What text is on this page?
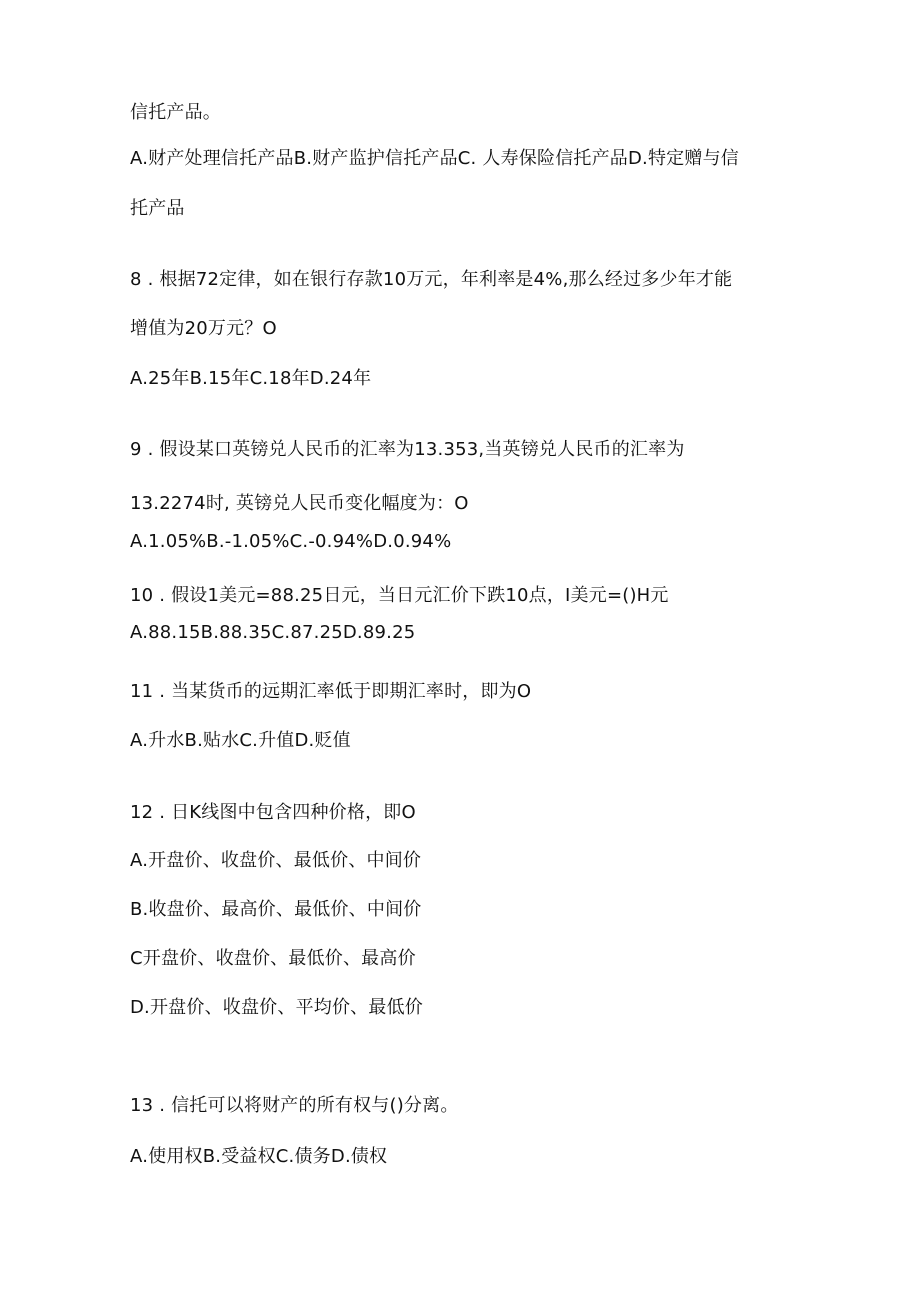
信托产品。
A.财产处理信托产品B.财产监护信托产品C. 人寿保险信托产品D.特定赠与信
托产品
8 . 根据72定律，如在银行存款10万元，年利率是4%,那么经过多少年才能
增值为20万元？O
A.25年B.15年C.18年D.24年
9 . 假设某口英镑兑人民币的汇率为13.353,当英镑兑人民币的汇率为
13.2274时, 英镑兑人民币变化幅度为：O
A.1.05%B.-1.05%C.-0.94%D.0.94%
10 . 假设1美元=88.25日元，当日元汇价下跌10点，I美元=()H元
A.88.15B.88.35C.87.25D.89.25
11 . 当某货币的远期汇率低于即期汇率时，即为O
A.升水B.贴水C.升值D.贬值
12 . 日K线图中包含四种价格，即O
A.开盘价、收盘价、最低价、中间价
B.收盘价、最高价、最低价、中间价
C开盘价、收盘价、最低价、最高价
D.开盘价、收盘价、平均价、最低价
13 . 信托可以将财产的所有权与()分离。
A.使用权B.受益权C.债务D.债权
